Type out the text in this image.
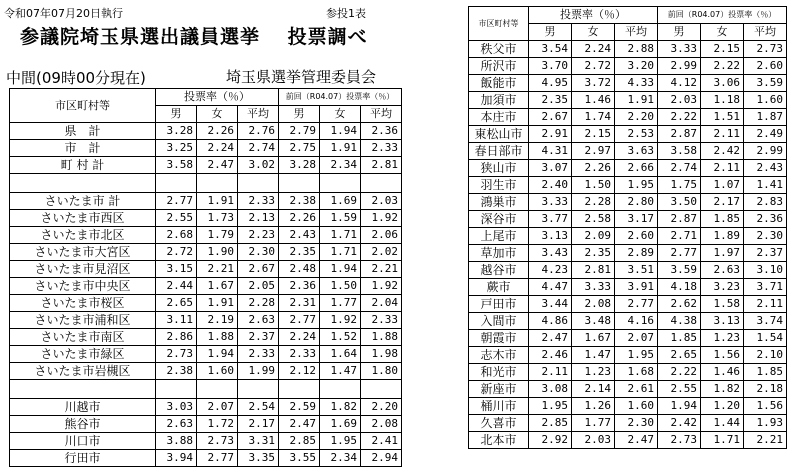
令和07年07月20日執行	参投1表
参議院埼玉県選出議員選挙　 投票調べ
中間(09時00分現在)	埼玉県選挙管理委員会
市区町村等	投票率（％）			前回（R04.07）投票率（％）		
	男	女	平均	男	女	平均
県　計	3.28	2.26	2.76	2.79	1.94	2.36
市　計	3.25	2.24	2.74	2.75	1.91	2.33
町 村 計	3.58	2.47	3.02	3.28	2.34	2.81

さいたま市 計	2.77	1.91	2.33	2.38	1.69	2.03
さいたま市西区	2.55	1.73	2.13	2.26	1.59	1.92
さいたま市北区	2.68	1.79	2.23	2.43	1.71	2.06
さいたま市大宮区	2.72	1.90	2.30	2.35	1.71	2.02
さいたま市見沼区	3.15	2.21	2.67	2.48	1.94	2.21
さいたま市中央区	2.44	1.67	2.05	2.36	1.50	1.92
さいたま市桜区	2.65	1.91	2.28	2.31	1.77	2.04
さいたま市浦和区	3.11	2.19	2.63	2.77	1.92	2.33
さいたま市南区	2.86	1.88	2.37	2.24	1.52	1.88
さいたま市緑区	2.73	1.94	2.33	2.33	1.64	1.98
さいたま市岩槻区	2.38	1.60	1.99	2.12	1.47	1.80

川越市	3.03	2.07	2.54	2.59	1.82	2.20
熊谷市	2.63	1.72	2.17	2.47	1.69	2.08
川口市	3.88	2.73	3.31	2.85	1.95	2.41
行田市	3.94	2.77	3.35	3.55	2.34	2.94
市区町村等	投票率（％）			前回（R04.07）投票率（％）		
	男	女	平均	男	女	平均
秩父市	3.54	2.24	2.88	3.33	2.15	2.73
所沢市	3.70	2.72	3.20	2.99	2.22	2.60
飯能市	4.95	3.72	4.33	4.12	3.06	3.59
加須市	2.35	1.46	1.91	2.03	1.18	1.60
本庄市	2.67	1.74	2.20	2.22	1.51	1.87
東松山市	2.91	2.15	2.53	2.87	2.11	2.49
春日部市	4.31	2.97	3.63	3.58	2.42	2.99
狭山市	3.07	2.26	2.66	2.74	2.11	2.43
羽生市	2.40	1.50	1.95	1.75	1.07	1.41
鴻巣市	3.33	2.28	2.80	3.50	2.17	2.83
深谷市	3.77	2.58	3.17	2.87	1.85	2.36
上尾市	3.13	2.09	2.60	2.71	1.89	2.30
草加市	3.43	2.35	2.89	2.77	1.97	2.37
越谷市	4.23	2.81	3.51	3.59	2.63	3.10
蕨市	4.47	3.33	3.91	4.18	3.23	3.71
戸田市	3.44	2.08	2.77	2.62	1.58	2.11
入間市	4.86	3.48	4.16	4.38	3.13	3.74
朝霞市	2.47	1.67	2.07	1.85	1.23	1.54
志木市	2.46	1.47	1.95	2.65	1.56	2.10
和光市	2.11	1.23	1.68	2.22	1.46	1.85
新座市	3.08	2.14	2.61	2.55	1.82	2.18
桶川市	1.95	1.26	1.60	1.94	1.20	1.56
久喜市	2.85	1.77	2.30	2.42	1.44	1.93
北本市	2.92	2.03	2.47	2.73	1.71	2.21
